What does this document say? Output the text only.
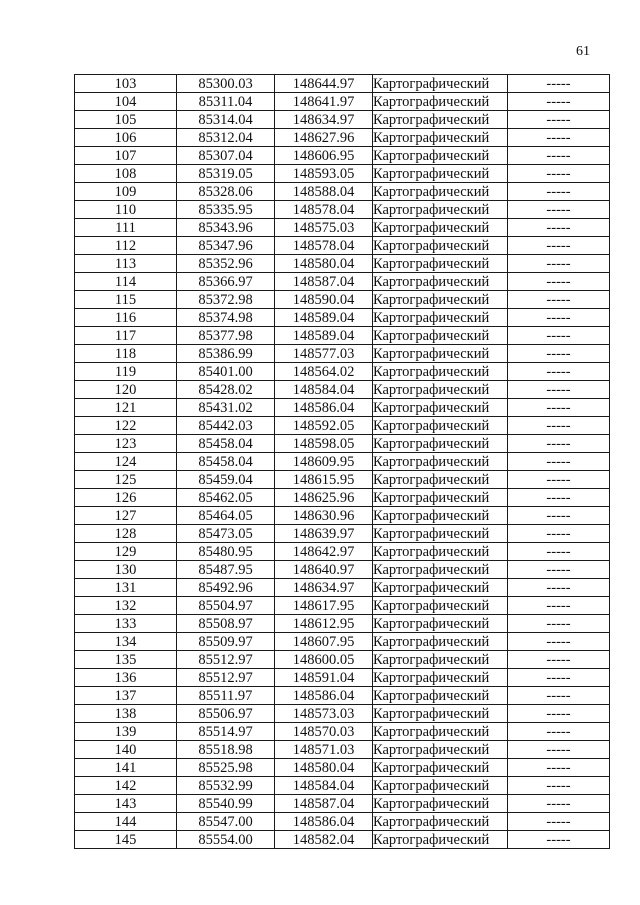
61
103	85300.03	148644.97	Картографический	-----
104	85311.04	148641.97	Картографический	-----
105	85314.04	148634.97	Картографический	-----
106	85312.04	148627.96	Картографический	-----
107	85307.04	148606.95	Картографический	-----
108	85319.05	148593.05	Картографический	-----
109	85328.06	148588.04	Картографический	-----
110	85335.95	148578.04	Картографический	-----
111	85343.96	148575.03	Картографический	-----
112	85347.96	148578.04	Картографический	-----
113	85352.96	148580.04	Картографический	-----
114	85366.97	148587.04	Картографический	-----
115	85372.98	148590.04	Картографический	-----
116	85374.98	148589.04	Картографический	-----
117	85377.98	148589.04	Картографический	-----
118	85386.99	148577.03	Картографический	-----
119	85401.00	148564.02	Картографический	-----
120	85428.02	148584.04	Картографический	-----
121	85431.02	148586.04	Картографический	-----
122	85442.03	148592.05	Картографический	-----
123	85458.04	148598.05	Картографический	-----
124	85458.04	148609.95	Картографический	-----
125	85459.04	148615.95	Картографический	-----
126	85462.05	148625.96	Картографический	-----
127	85464.05	148630.96	Картографический	-----
128	85473.05	148639.97	Картографический	-----
129	85480.95	148642.97	Картографический	-----
130	85487.95	148640.97	Картографический	-----
131	85492.96	148634.97	Картографический	-----
132	85504.97	148617.95	Картографический	-----
133	85508.97	148612.95	Картографический	-----
134	85509.97	148607.95	Картографический	-----
135	85512.97	148600.05	Картографический	-----
136	85512.97	148591.04	Картографический	-----
137	85511.97	148586.04	Картографический	-----
138	85506.97	148573.03	Картографический	-----
139	85514.97	148570.03	Картографический	-----
140	85518.98	148571.03	Картографический	-----
141	85525.98	148580.04	Картографический	-----
142	85532.99	148584.04	Картографический	-----
143	85540.99	148587.04	Картографический	-----
144	85547.00	148586.04	Картографический	-----
145	85554.00	148582.04	Картографический	-----
